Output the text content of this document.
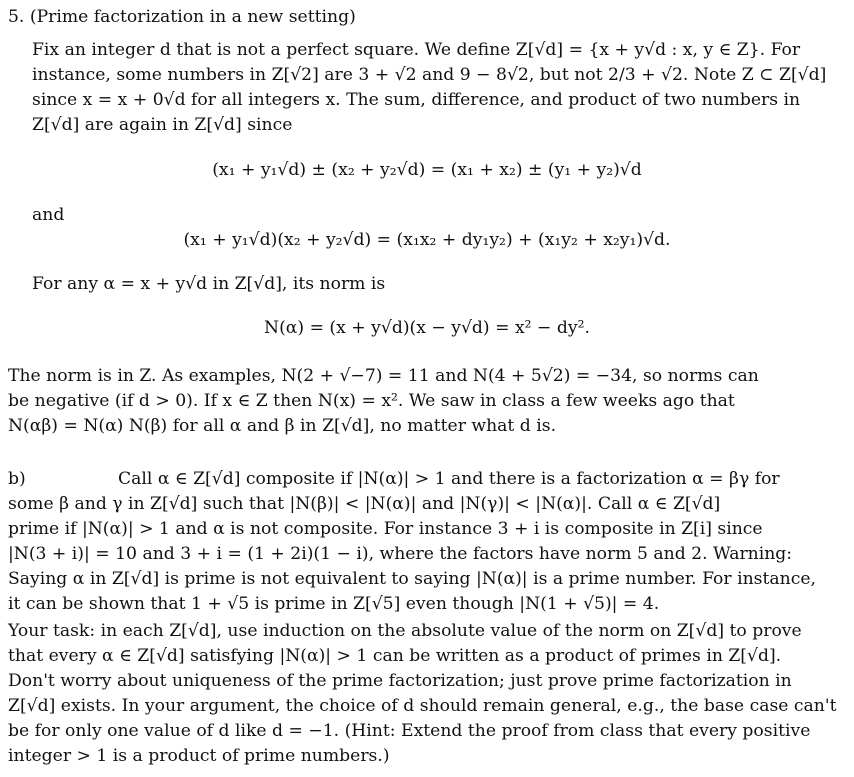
5. (Prime factorization in a new setting)
Fix an integer d that is not a perfect square. We define Z[√d] = {x + y√d : x, y ∈ Z}. For
instance, some numbers in Z[√2] are 3 + √2 and 9 − 8√2, but not 2/3 + √2. Note Z ⊂ Z[√d]
since x = x + 0√d for all integers x. The sum, difference, and product of two numbers in
Z[√d] are again in Z[√d] since
(x₁ + y₁√d) ± (x₂ + y₂√d) = (x₁ + x₂) ± (y₁ + y₂)√d
and
(x₁ + y₁√d)(x₂ + y₂√d) = (x₁x₂ + dy₁y₂) + (x₁y₂ + x₂y₁)√d.
For any α = x + y√d in Z[√d], its norm is
N(α) = (x + y√d)(x − y√d) = x² − dy².
The norm is in Z. As examples, N(2 + √−7) = 11 and N(4 + 5√2) = −34, so norms can
be negative (if d > 0). If x ∈ Z then N(x) = x². We saw in class a few weeks ago that
N(αβ) = N(α) N(β) for all α and β in Z[√d], no matter what d is.
b)	Call α ∈ Z[√d] composite if |N(α)| > 1 and there is a factorization α = βγ for
some β and γ in Z[√d] such that |N(β)| < |N(α)| and |N(γ)| < |N(α)|. Call α ∈ Z[√d]
prime if |N(α)| > 1 and α is not composite. For instance 3 + i is composite in Z[i] since
|N(3 + i)| = 10 and 3 + i = (1 + 2i)(1 − i), where the factors have norm 5 and 2. Warning:
Saying α in Z[√d] is prime is not equivalent to saying |N(α)| is a prime number. For instance,
it can be shown that 1 + √5 is prime in Z[√5] even though |N(1 + √5)| = 4.
Your task: in each Z[√d], use induction on the absolute value of the norm on Z[√d] to prove
that every α ∈ Z[√d] satisfying |N(α)| > 1 can be written as a product of primes in Z[√d].
Don't worry about uniqueness of the prime factorization; just prove prime factorization in
Z[√d] exists. In your argument, the choice of d should remain general, e.g., the base case can't
be for only one value of d like d = −1. (Hint: Extend the proof from class that every positive
integer > 1 is a product of prime numbers.)
